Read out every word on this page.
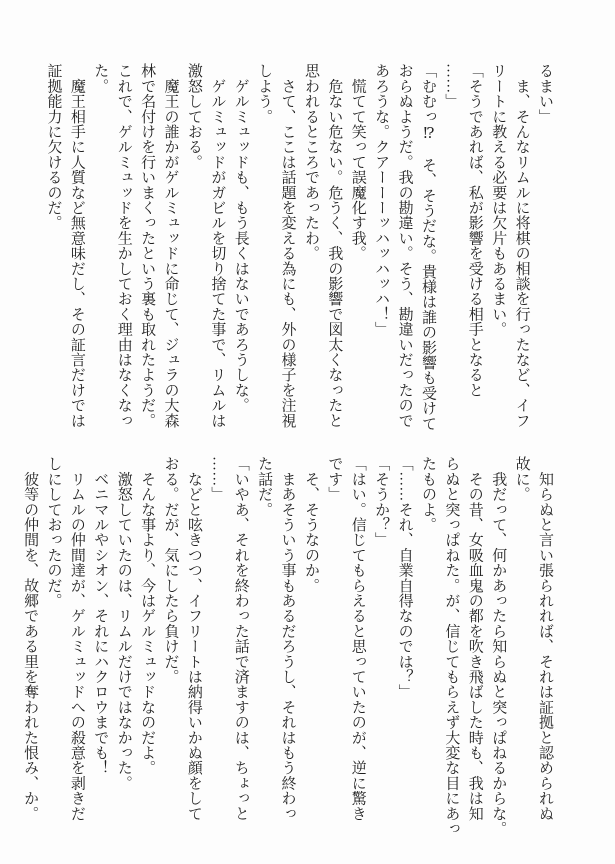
るまい」

　ま、そんなリムルに将棋の相談を行ったなど、イフ

リートに教える必要は欠片もあるまい。

「そうであれば、私が影響を受ける相手となると

……」

「むむっ⁉　そ、そうだな。貴様は誰の影響も受けて

おらぬようだ。我の勘違い。そう、勘違いだったので

あろうな。クアーーーッハッハッハ！」

　慌てて笑って誤魔化す我。

　危ない危ない。危うく、我の影響で図太くなったと

思われるところであったわ。

　さて、ここは話題を変える為にも、外の様子を注視

しよう。

　ゲルミュッドも、もう長くはないであろうしな。

　ゲルミュッドがガビルを切り捨てた事で、リムルは

激怒しておる。

　魔王の誰かがゲルミュッドに命じて、ジュラの大森

林で名付けを行いまくったという裏も取れたようだ。

これで、ゲルミュッドを生かしておく理由はなくなっ

た。

　魔王相手に人質など無意味だし、その証言だけでは

証拠能力に欠けるのだ。

　知らぬと言い張られれば、それは証拠と認められぬ

故に。

　我だって、何かあったら知らぬと突っぱねるからな。

　その昔、女吸血鬼の都を吹き飛ばした時も、我は知

らぬと突っぱねた。が、信じてもらえず大変な目にあっ

たものよ。

「……それ、自業自得なのでは？」

「そうか？」

「はい。信じてもらえると思っていたのが、逆に驚き

です」

　そ、そうなのか。

　まあそういう事もあるだろうし、それはもう終わっ

た話だ。

「いやあ、それを終わった話で済ますのは、ちょっと

……」

　などと呟きつつ、イフリートは納得いかぬ顔をして

おる。だが、気にしたら負けだ。

　そんな事より、今はゲルミュッドなのだよ。

　激怒していたのは、リムルだけではなかった。

　ベニマルやシオン、それにハクロウまでも！

　リムルの仲間達が、ゲルミュッドへの殺意を剥きだ

しにしておったのだ。

　彼等の仲間を、故郷である里を奪われた恨み、か。
